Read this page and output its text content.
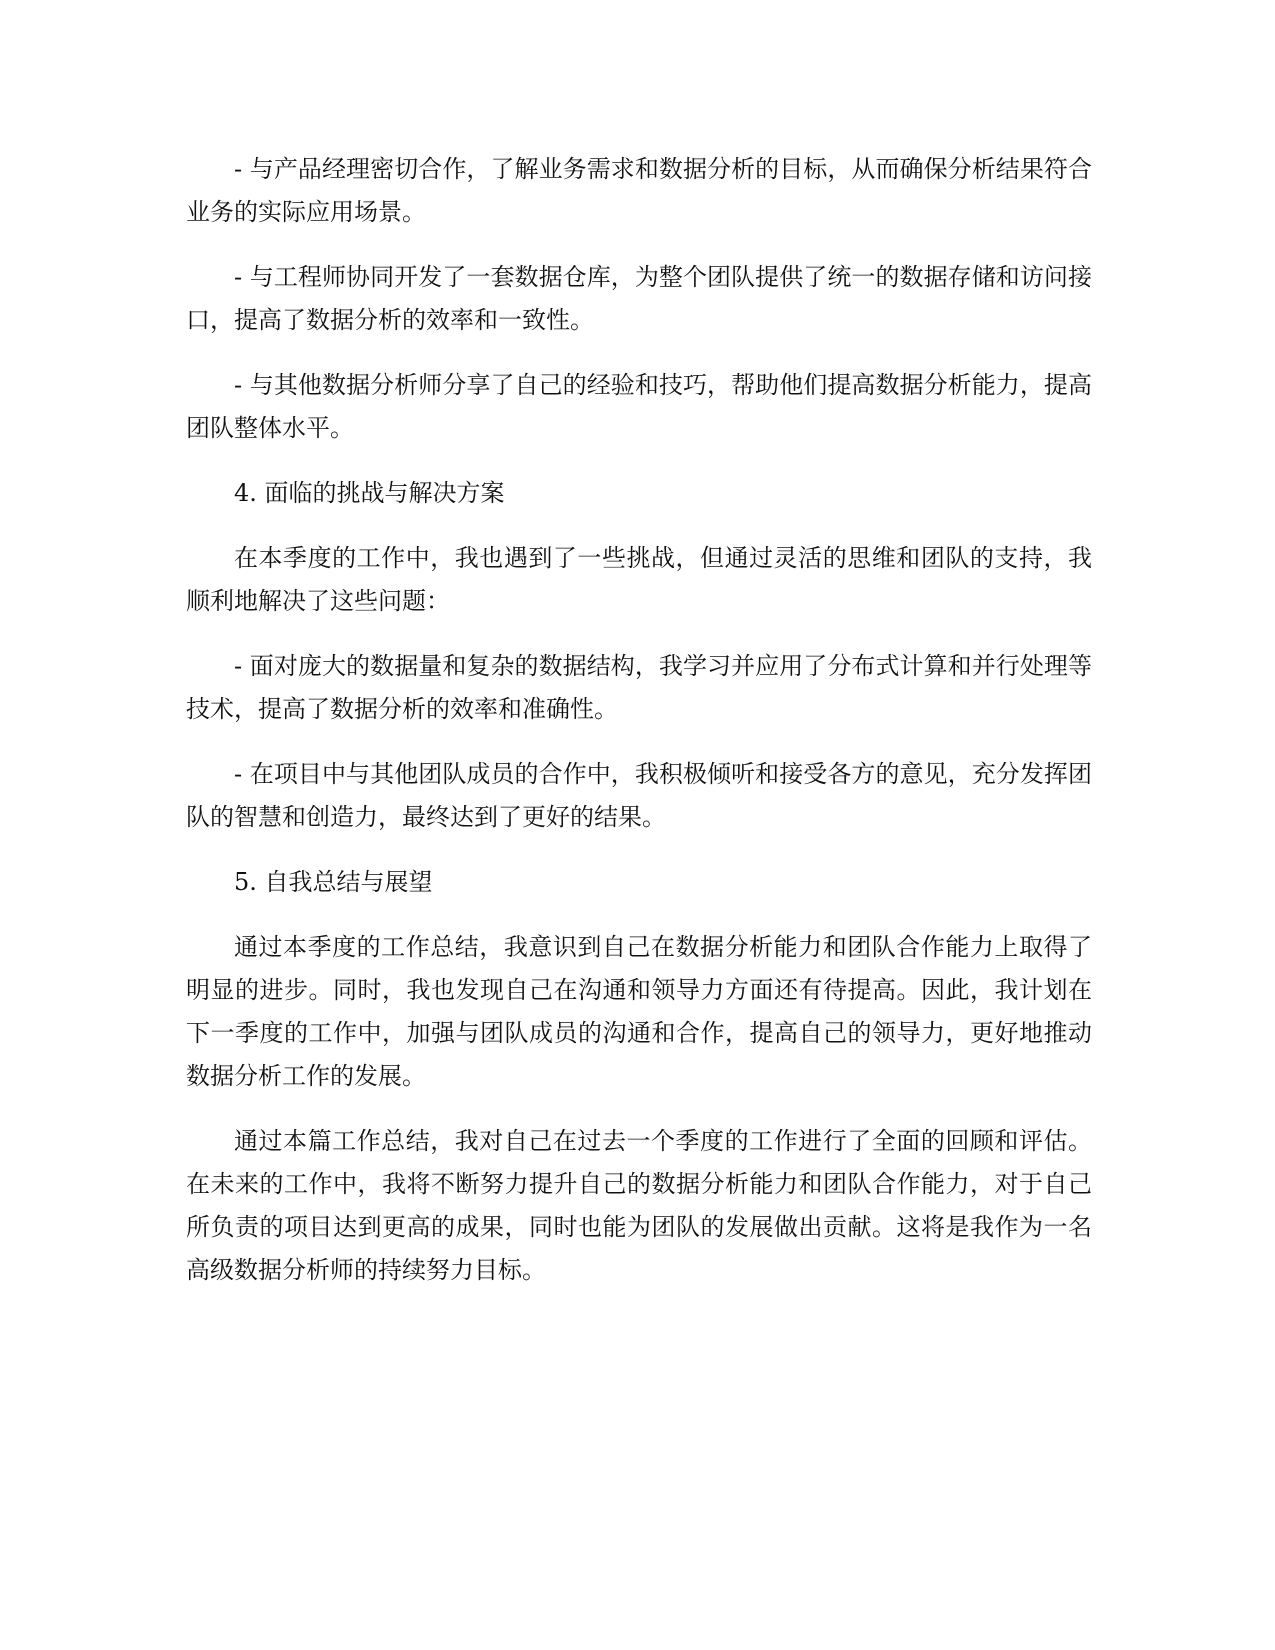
- 与产品经理密切合作，了解业务需求和数据分析的目标，从而确保分析结果符合业务的实际应用场景。

- 与工程师协同开发了一套数据仓库，为整个团队提供了统一的数据存储和访问接口，提高了数据分析的效率和一致性。

- 与其他数据分析师分享了自己的经验和技巧，帮助他们提高数据分析能力，提高团队整体水平。

4. 面临的挑战与解决方案

在本季度的工作中，我也遇到了一些挑战，但通过灵活的思维和团队的支持，我顺利地解决了这些问题：

- 面对庞大的数据量和复杂的数据结构，我学习并应用了分布式计算和并行处理等技术，提高了数据分析的效率和准确性。

- 在项目中与其他团队成员的合作中，我积极倾听和接受各方的意见，充分发挥团队的智慧和创造力，最终达到了更好的结果。

5. 自我总结与展望

通过本季度的工作总结，我意识到自己在数据分析能力和团队合作能力上取得了明显的进步。同时，我也发现自己在沟通和领导力方面还有待提高。因此，我计划在下一季度的工作中，加强与团队成员的沟通和合作，提高自己的领导力，更好地推动数据分析工作的发展。

通过本篇工作总结，我对自己在过去一个季度的工作进行了全面的回顾和评估。在未来的工作中，我将不断努力提升自己的数据分析能力和团队合作能力，对于自己所负责的项目达到更高的成果，同时也能为团队的发展做出贡献。这将是我作为一名高级数据分析师的持续努力目标。
